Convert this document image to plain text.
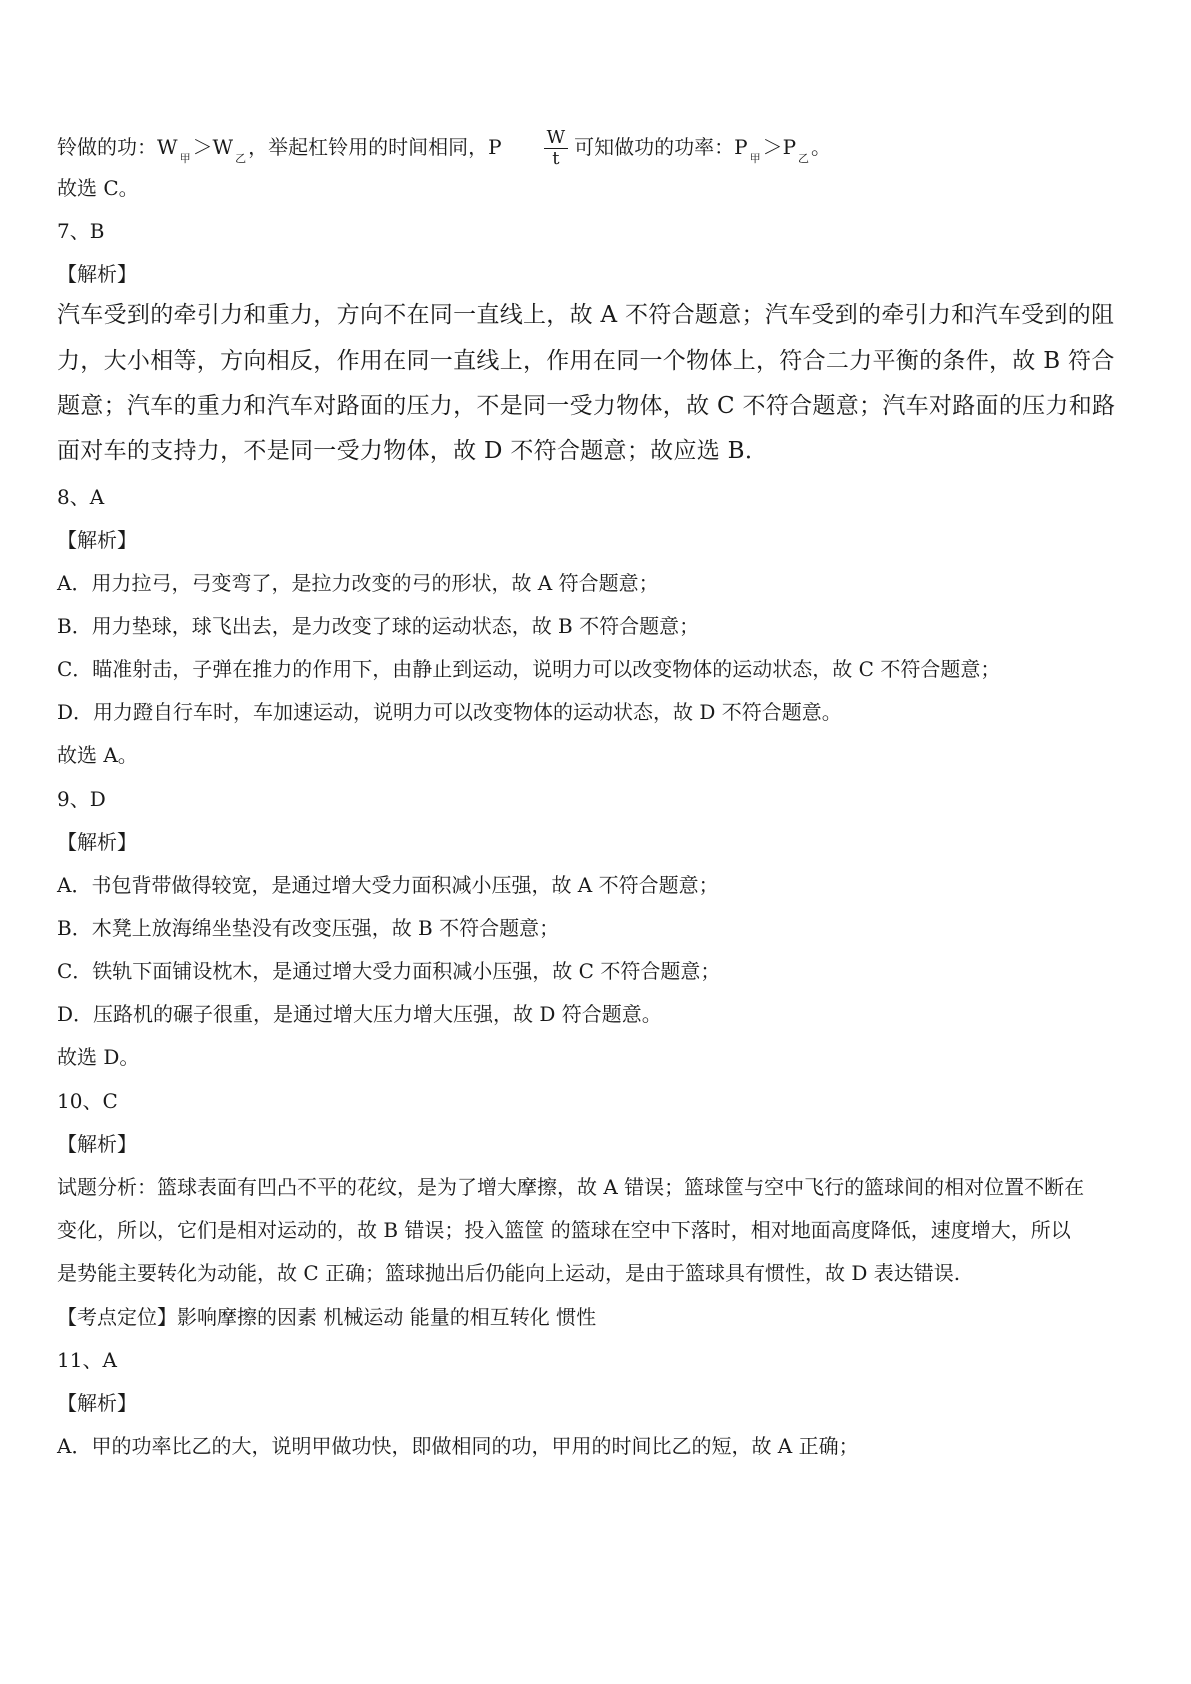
铃做的功：W $_甲$ ＞W $_乙$ ，举起杠铃用的时间相同，P $\frac{W}{t}$ 可知做功的功率：P $_甲$ ＞P $_乙$ 。
故选 C。
7、B
【解析】
汽车受到的牵引力和重力，方向不在同一直线上，故 A 不符合题意；汽车受到的牵引力和汽车受到的阻
力，大小相等，方向相反，作用在同一直线上，作用在同一个物体上，符合二力平衡的条件，故 B 符合
题意；汽车的重力和汽车对路面的压力，不是同一受力物体，故 C 不符合题意；汽车对路面的压力和路
面对车的支持力，不是同一受力物体，故 D 不符合题意；故应选 B．
8、A
【解析】
A．用力拉弓，弓变弯了，是拉力改变的弓的形状，故 A 符合题意；
B．用力垫球，球飞出去，是力改变了球的运动状态，故 B 不符合题意；
C．瞄准射击，子弹在推力的作用下，由静止到运动，说明力可以改变物体的运动状态，故 C 不符合题意；
D．用力蹬自行车时，车加速运动，说明力可以改变物体的运动状态，故 D 不符合题意。
故选 A。
9、D
【解析】
A．书包背带做得较宽，是通过增大受力面积减小压强，故 A 不符合题意；
B．木凳上放海绵坐垫没有改变压强，故 B 不符合题意；
C．铁轨下面铺设枕木，是通过增大受力面积减小压强，故 C 不符合题意；
D．压路机的碾子很重，是通过增大压力增大压强，故 D 符合题意。
故选 D。
10、C
【解析】
试题分析：篮球表面有凹凸不平的花纹，是为了增大摩擦，故 A 错误；篮球筐与空中飞行的篮球间的相对位置不断在
变化，所以，它们是相对运动的，故 B 错误；投入篮筐 的篮球在空中下落时，相对地面高度降低，速度增大，所以
是势能主要转化为动能，故 C 正确；篮球抛出后仍能向上运动，是由于篮球具有惯性，故 D 表达错误.
【考点定位】影响摩擦的因素 机械运动 能量的相互转化 惯性
11、A
【解析】
A．甲的功率比乙的大，说明甲做功快，即做相同的功，甲用的时间比乙的短，故 A 正确；
